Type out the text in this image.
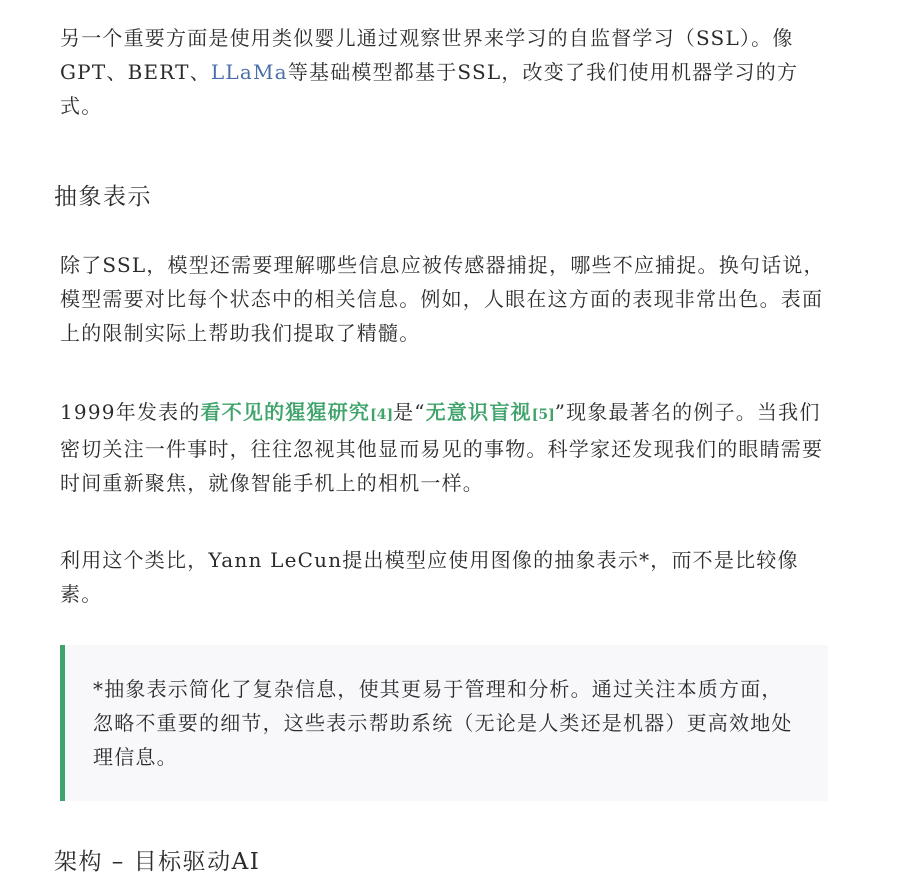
另一个重要方面是使用类似婴儿通过观察世界来学习的自监督学习（SSL）。像GPT、BERT、LLaMa等基础模型都基于SSL，改变了我们使用机器学习的方式。

抽象表示

除了SSL，模型还需要理解哪些信息应被传感器捕捉，哪些不应捕捉。换句话说，模型需要对比每个状态中的相关信息。例如，人眼在这方面的表现非常出色。表面上的限制实际上帮助我们提取了精髓。

1999年发表的看不见的猩猩研究[4]是“无意识盲视[5]”现象最著名的例子。当我们密切关注一件事时，往往忽视其他显而易见的事物。科学家还发现我们的眼睛需要时间重新聚焦，就像智能手机上的相机一样。

利用这个类比，Yann LeCun提出模型应使用图像的抽象表示*，而不是比较像素。

*抽象表示简化了复杂信息，使其更易于管理和分析。通过关注本质方面，忽略不重要的细节，这些表示帮助系统（无论是人类还是机器）更高效地处理信息。

架构 – 目标驱动AI
